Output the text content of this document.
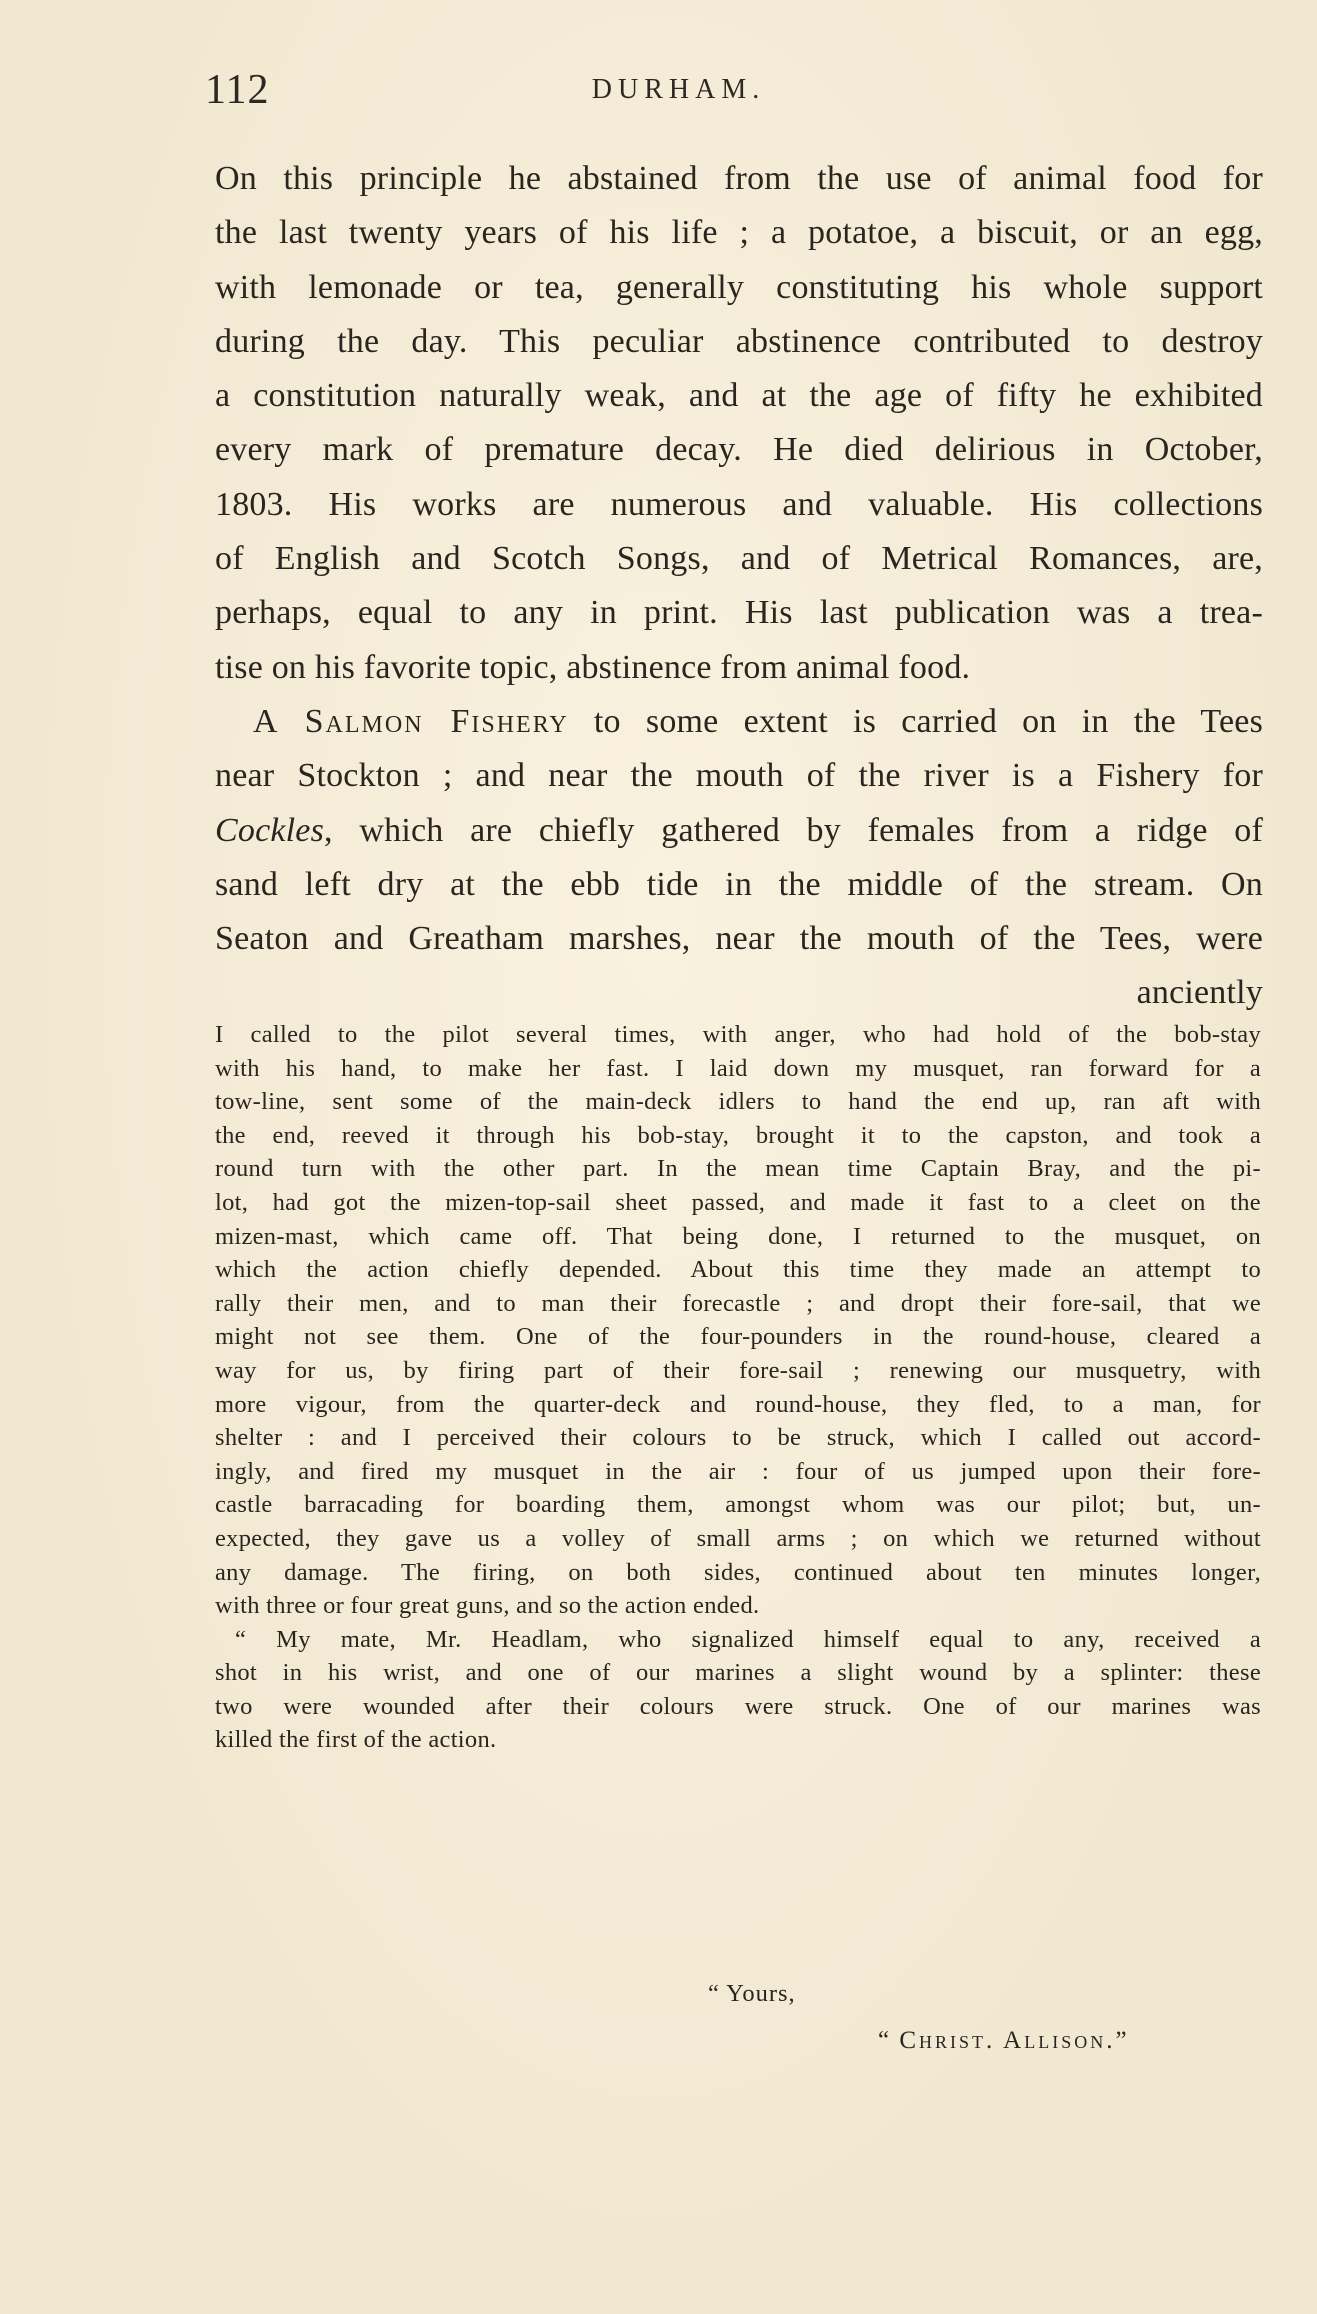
112	DURHAM.
On this principle he abstained from the use of animal food for
the last twenty years of his life ; a potatoe, a biscuit, or an egg,
with lemonade or tea, generally constituting his whole support
during the day. This peculiar abstinence contributed to destroy
a constitution naturally weak, and at the age of fifty he exhibited
every mark of premature decay. He died delirious in October,
1803. His works are numerous and valuable. His collections
of English and Scotch Songs, and of Metrical Romances, are,
perhaps, equal to any in print. His last publication was a trea-
tise on his favorite topic, abstinence from animal food.
A Salmon Fishery to some extent is carried on in the Tees
near Stockton ; and near the mouth of the river is a Fishery for
Cockles, which are chiefly gathered by females from a ridge of
sand left dry at the ebb tide in the middle of the stream. On
Seaton and Greatham marshes, near the mouth of the Tees, were
anciently
I called to the pilot several times, with anger, who had hold of the bob-stay
with his hand, to make her fast. I laid down my musquet, ran forward for a
tow-line, sent some of the main-deck idlers to hand the end up, ran aft with
the end, reeved it through his bob-stay, brought it to the capston, and took a
round turn with the other part. In the mean time Captain Bray, and the pi-
lot, had got the mizen-top-sail sheet passed, and made it fast to a cleet on the
mizen-mast, which came off. That being done, I returned to the musquet, on
which the action chiefly depended. About this time they made an attempt to
rally their men, and to man their forecastle ; and dropt their fore-sail, that we
might not see them. One of the four-pounders in the round-house, cleared a
way for us, by firing part of their fore-sail ; renewing our musquetry, with
more vigour, from the quarter-deck and round-house, they fled, to a man, for
shelter : and I perceived their colours to be struck, which I called out accord-
ingly, and fired my musquet in the air : four of us jumped upon their fore-
castle barracading for boarding them, amongst whom was our pilot; but, un-
expected, they gave us a volley of small arms ; on which we returned without
any damage. The firing, on both sides, continued about ten minutes longer,
with three or four great guns, and so the action ended.
“ My mate, Mr. Headlam, who signalized himself equal to any, received a
shot in his wrist, and one of our marines a slight wound by a splinter: these
two were wounded after their colours were struck. One of our marines was
killed the first of the action.
“ Yours,
“ Christ. Allison.”
